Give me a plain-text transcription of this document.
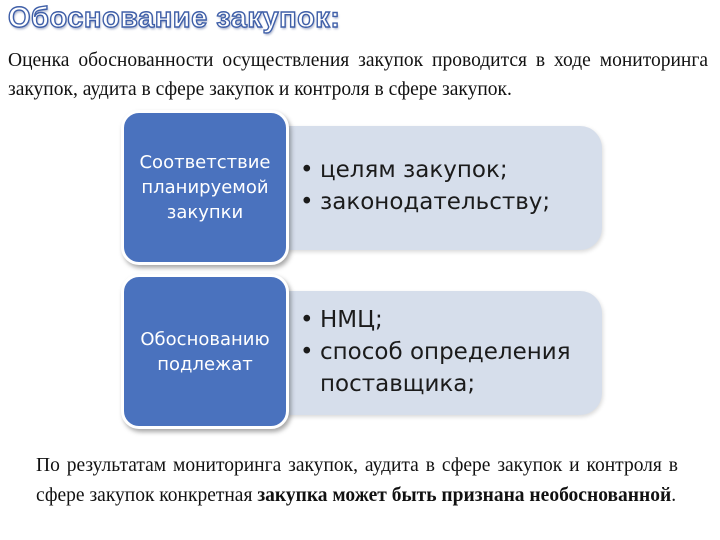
Обоснование закупок:

Оценка обоснованности осуществления закупок проводится в ходе мониторинга закупок, аудита в сфере закупок и контроля в сфере закупок.

• целям закупок;
• законодательству;
Соответствие
планируемой
закупки
• НМЦ;
• способ определения поставщика;
Обоснованию
подлежат

По результатам мониторинга закупок, аудита в сфере закупок и контроля в сфере закупок конкретная закупка может быть признана необоснованной.
